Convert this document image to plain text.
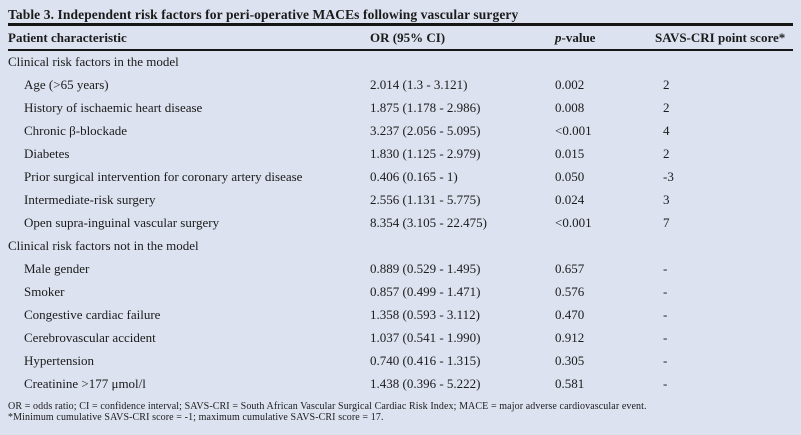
Table 3. Independent risk factors for peri-operative MACEs following vascular surgery
Patient characteristic	OR (95% CI)	p-value	SAVS-CRI point score*
Clinical risk factors in the model
Age (>65 years)	2.014 (1.3 - 3.121)	0.002	2
History of ischaemic heart disease	1.875 (1.178 - 2.986)	0.008	2
Chronic β-blockade	3.237 (2.056 - 5.095)	<0.001	4
Diabetes	1.830 (1.125 - 2.979)	0.015	2
Prior surgical intervention for coronary artery disease	0.406 (0.165 - 1)	0.050	-3
Intermediate-risk surgery	2.556 (1.131 - 5.775)	0.024	3
Open supra-inguinal vascular surgery	8.354 (3.105 - 22.475)	<0.001	7
Clinical risk factors not in the model
Male gender	0.889 (0.529 - 1.495)	0.657	-
Smoker	0.857 (0.499 - 1.471)	0.576	-
Congestive cardiac failure	1.358 (0.593 - 3.112)	0.470	-
Cerebrovascular accident	1.037 (0.541 - 1.990)	0.912	-
Hypertension	0.740 (0.416 - 1.315)	0.305	-
Creatinine >177 μmol/l	1.438 (0.396 - 5.222)	0.581	-
OR = odds ratio; CI = confidence interval; SAVS-CRI = South African Vascular Surgical Cardiac Risk Index; MACE = major adverse cardiovascular event.
*Minimum cumulative SAVS-CRI score = -1; maximum cumulative SAVS-CRI score = 17.
